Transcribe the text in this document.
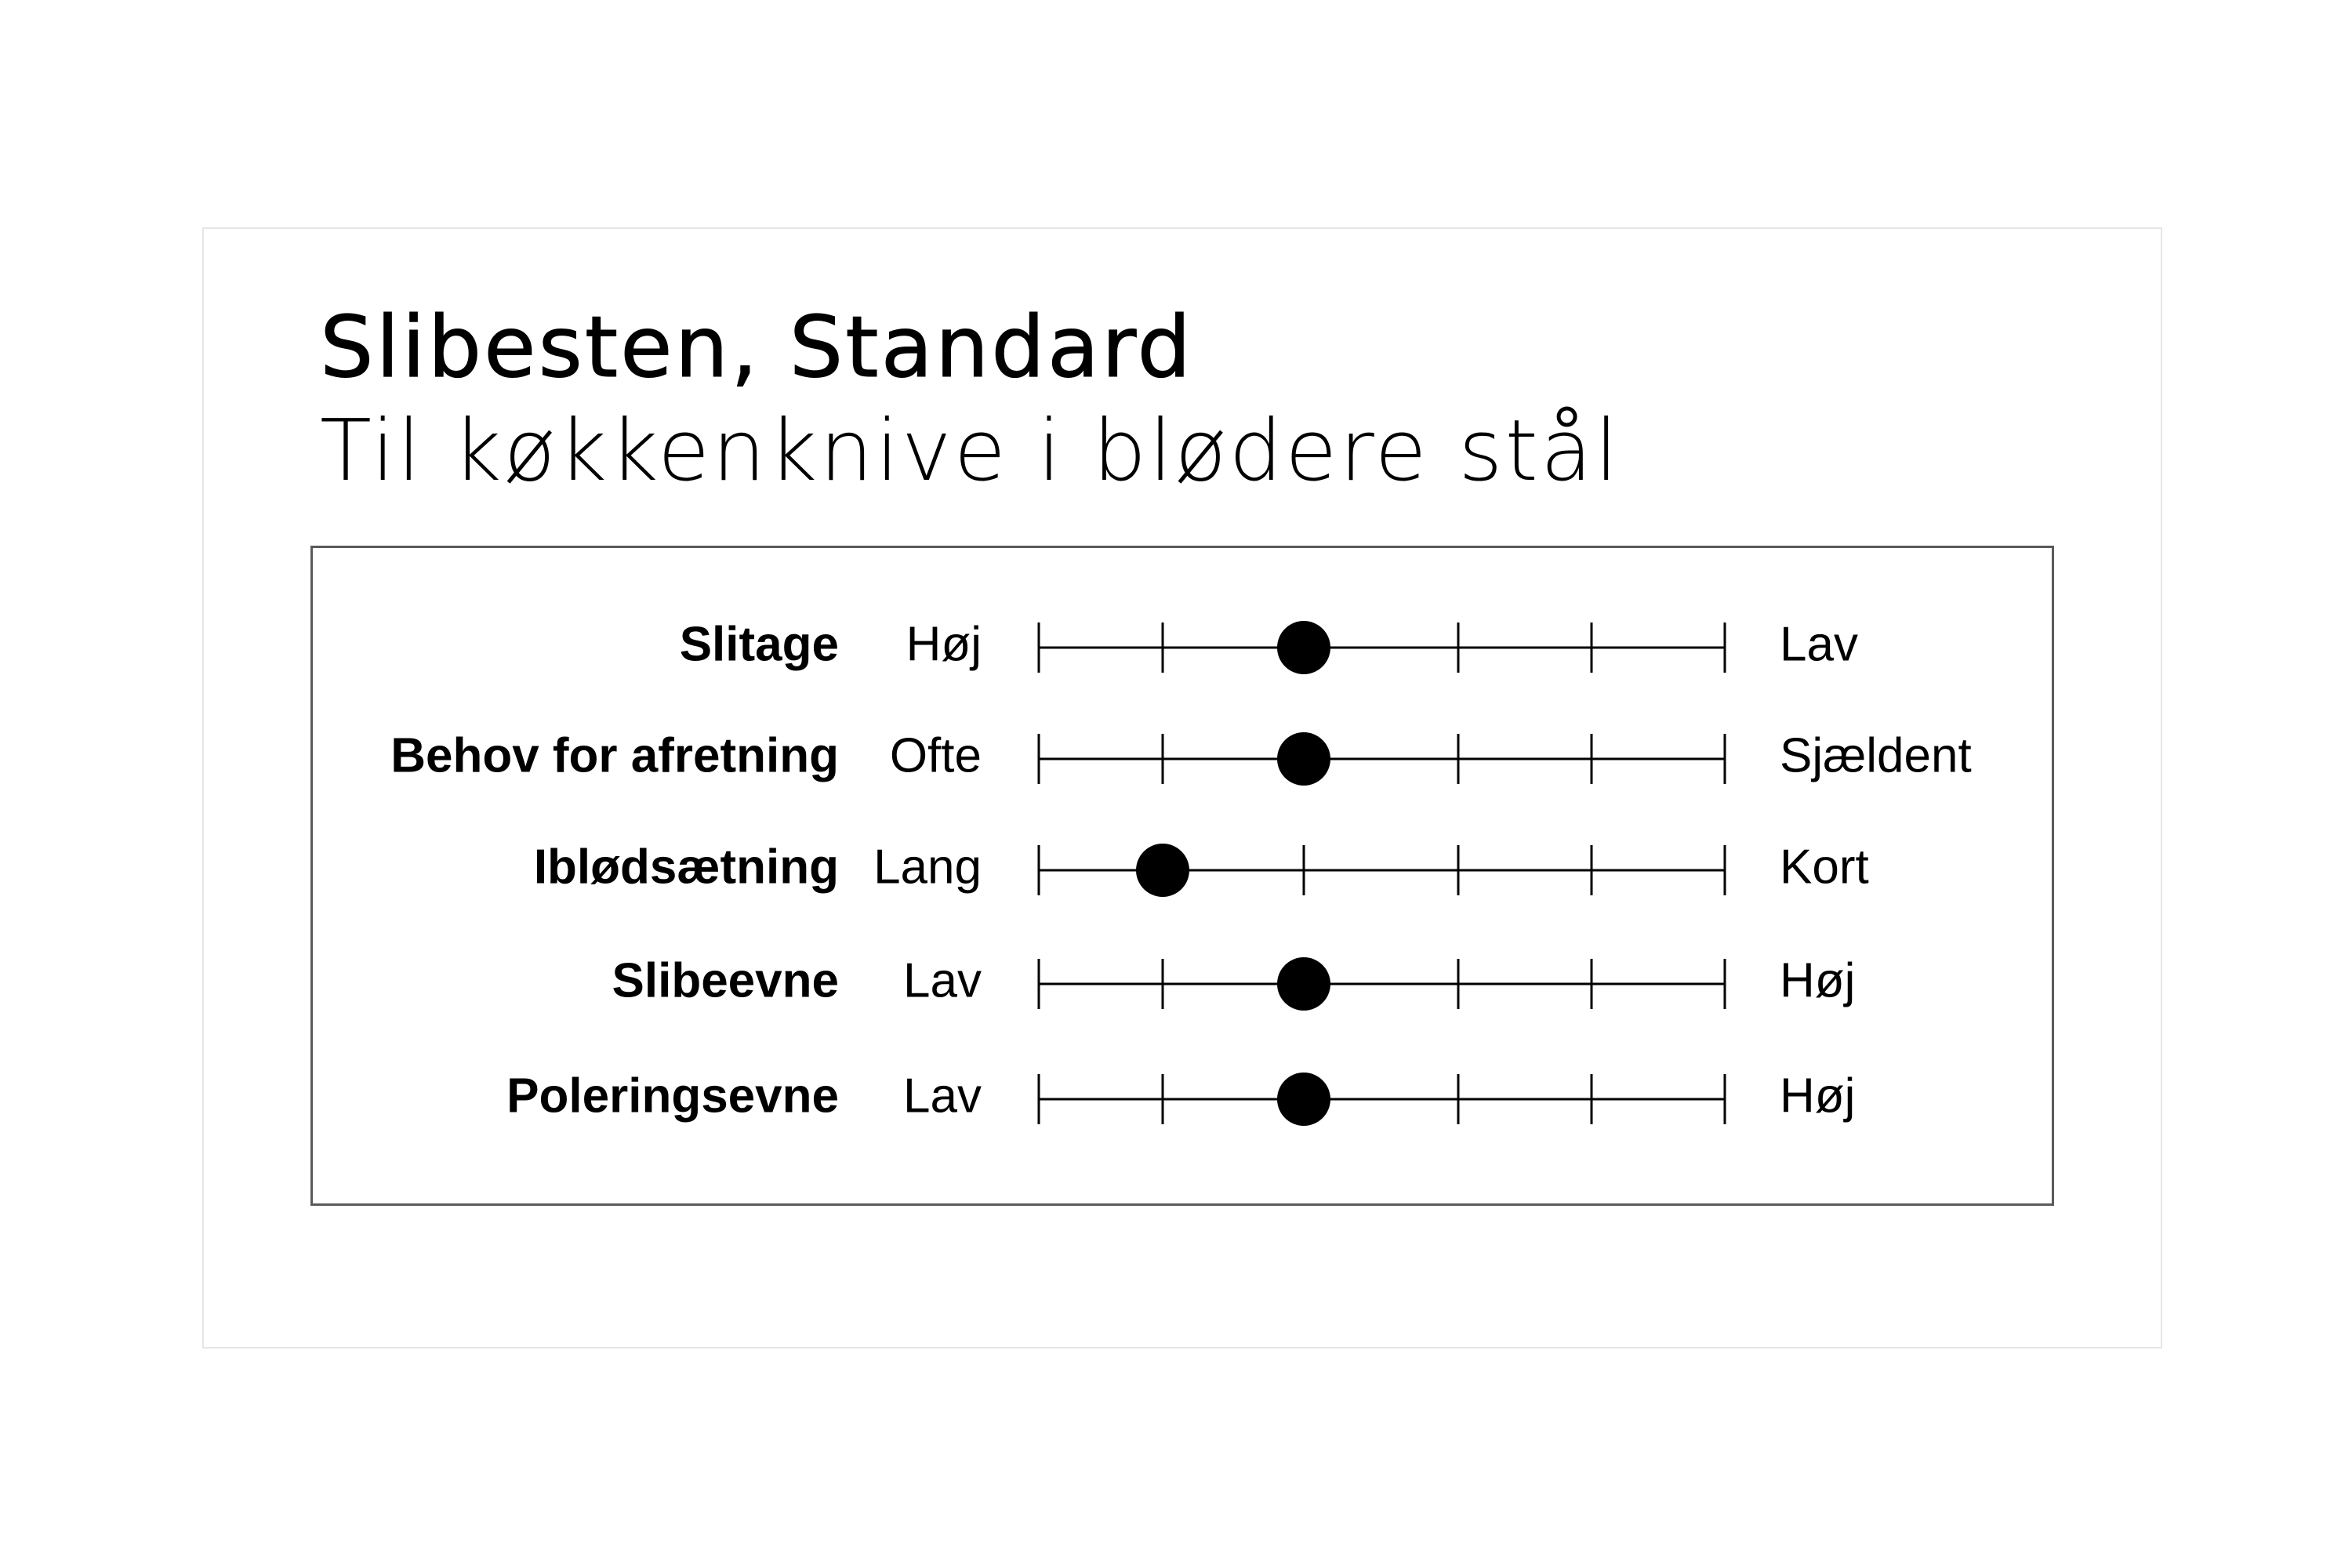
Slibesten, Standard
Til køkkenknive i blødere stål
Slitage Høj	Lav
Behov for afretning Ofte	Sjældent
Iblødsætning Lang	Kort
Slibeevne Lav	Høj
Poleringsevne Lav	Høj
